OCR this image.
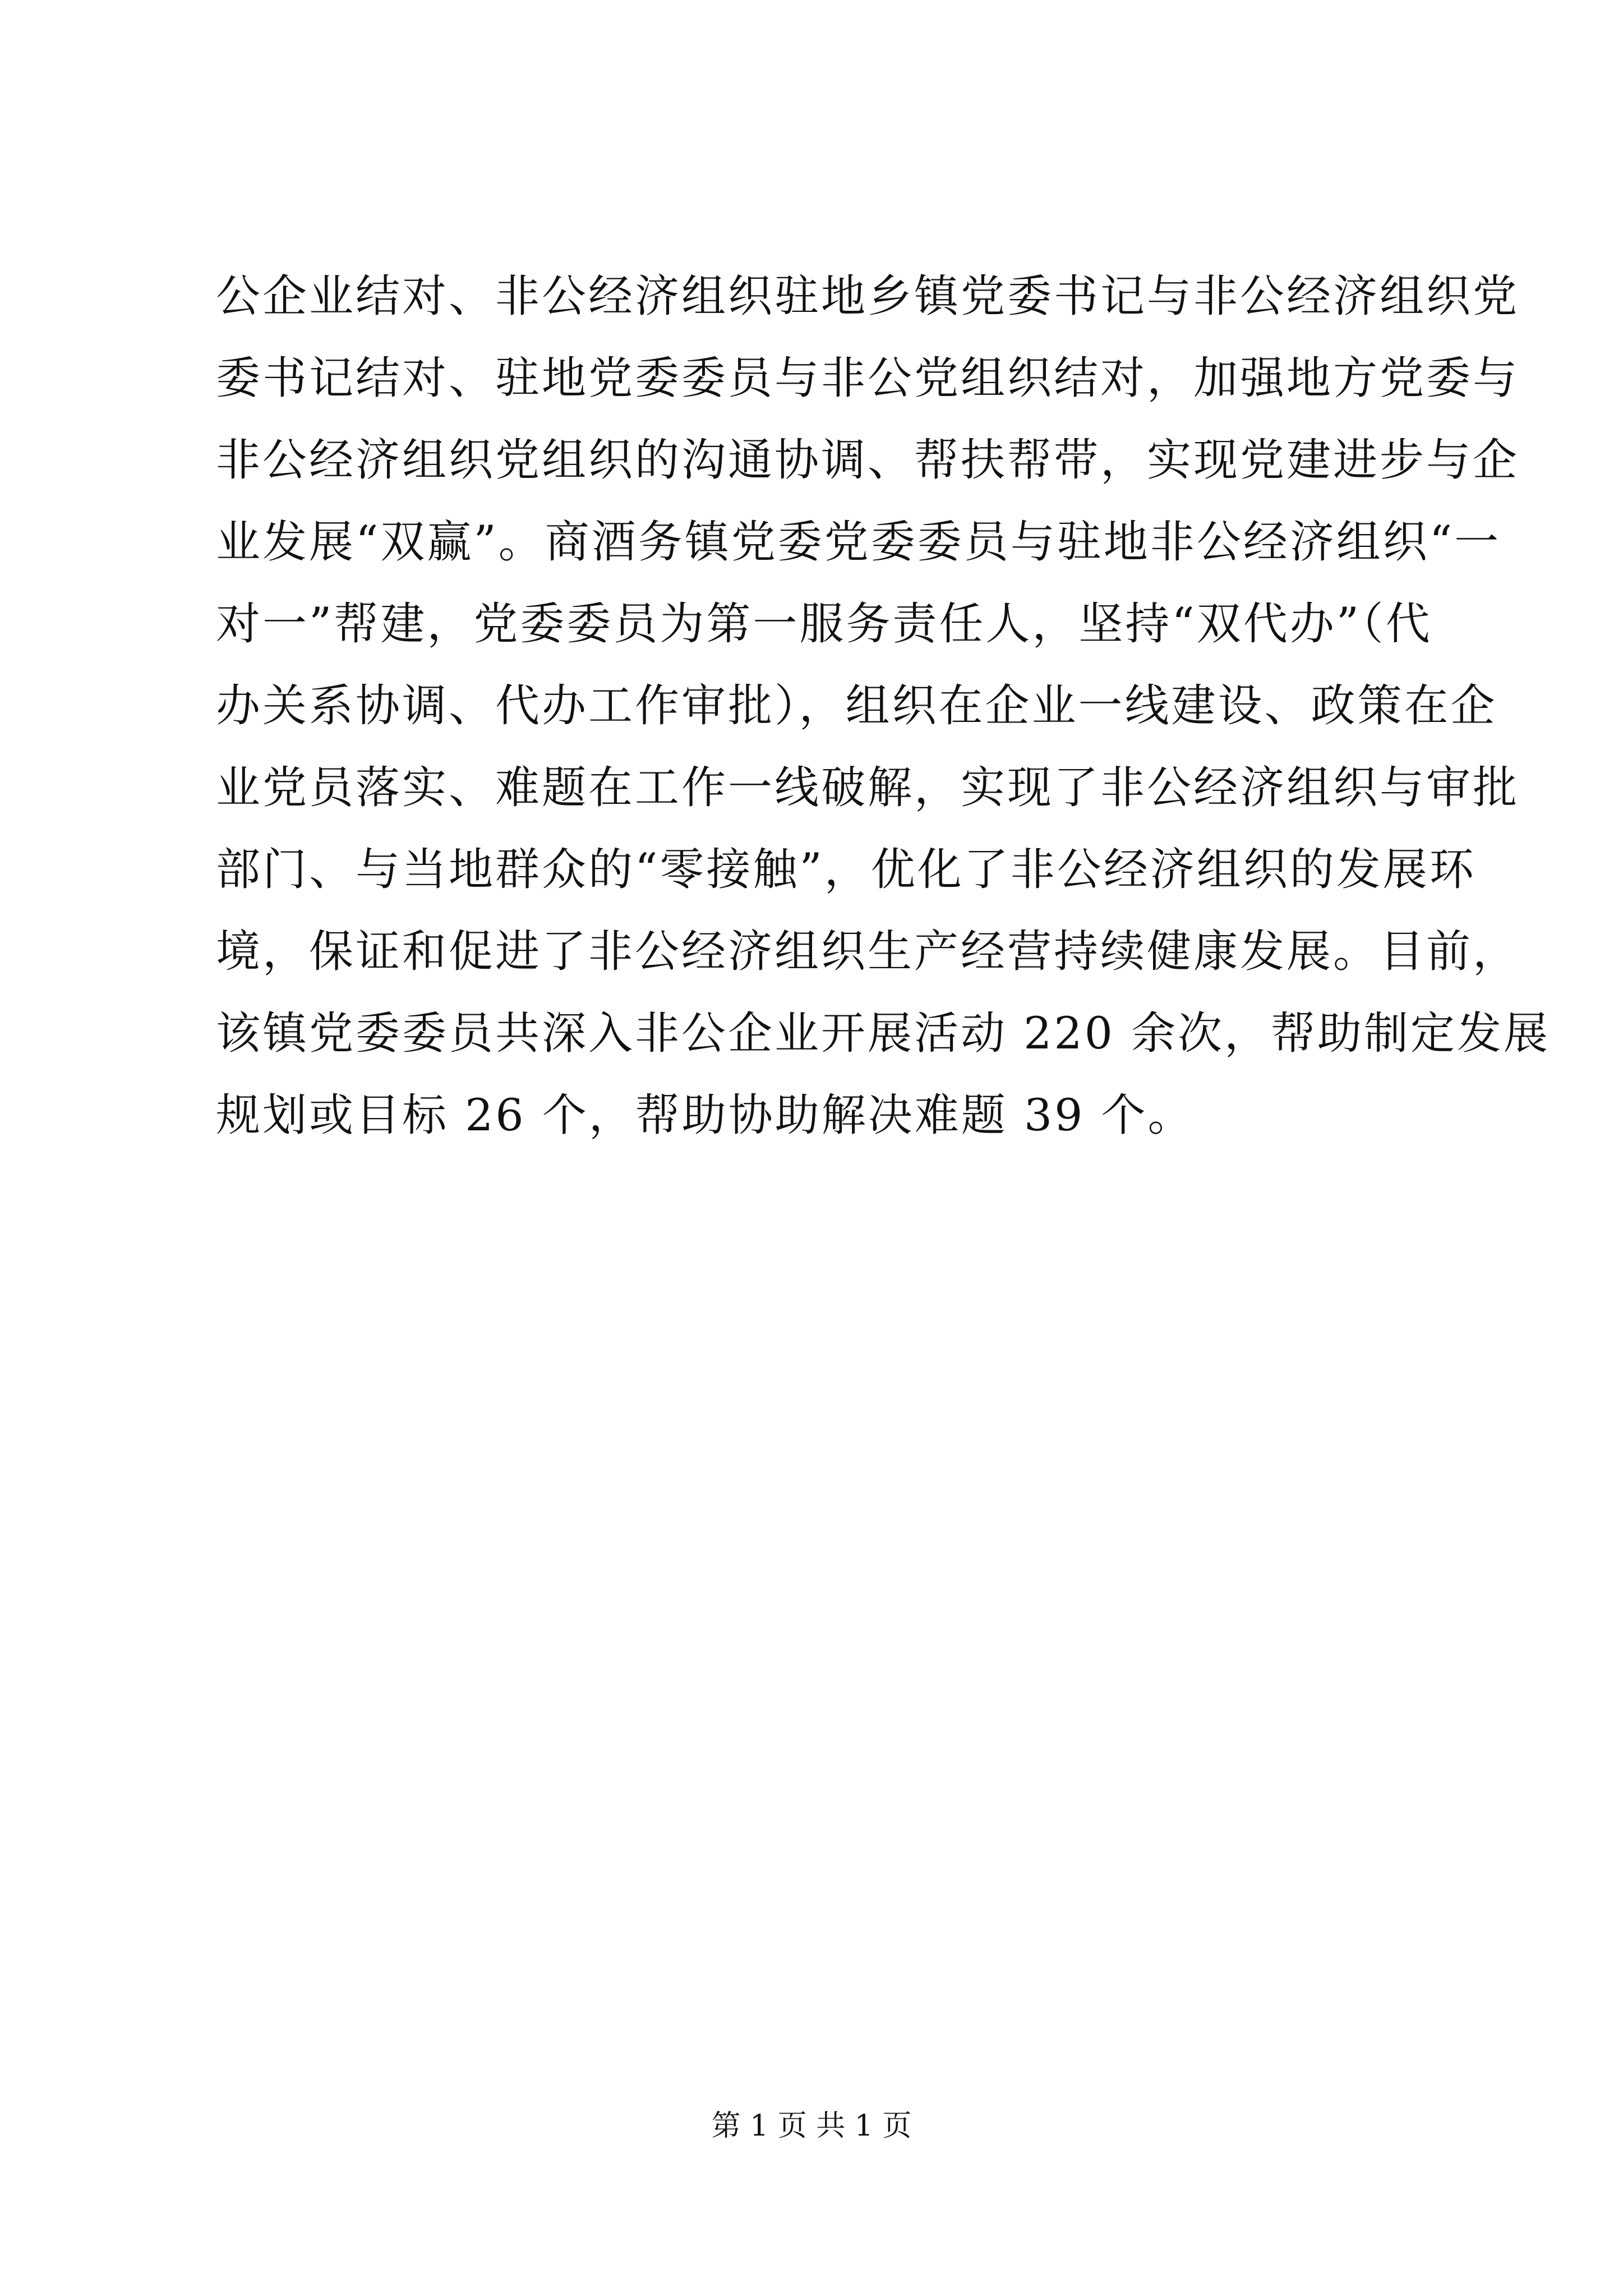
公企业结对、非公经济组织驻地乡镇党委书记与非公经济组织党
委书记结对、驻地党委委员与非公党组织结对，加强地方党委与
非公经济组织党组织的沟通协调、帮扶帮带，实现党建进步与企
业发展“双赢”。商酒务镇党委党委委员与驻地非公经济组织“一
对一”帮建，党委委员为第一服务责任人，坚持“双代办”（代
办关系协调、代办工作审批），组织在企业一线建设、政策在企
业党员落实、难题在工作一线破解，实现了非公经济组织与审批
部门、与当地群众的“零接触”，优化了非公经济组织的发展环
境，保证和促进了非公经济组织生产经营持续健康发展。目前，
该镇党委委员共深入非公企业开展活动 220 余次，帮助制定发展
规划或目标 26 个，帮助协助解决难题 39 个。
第 1 页 共 1 页
